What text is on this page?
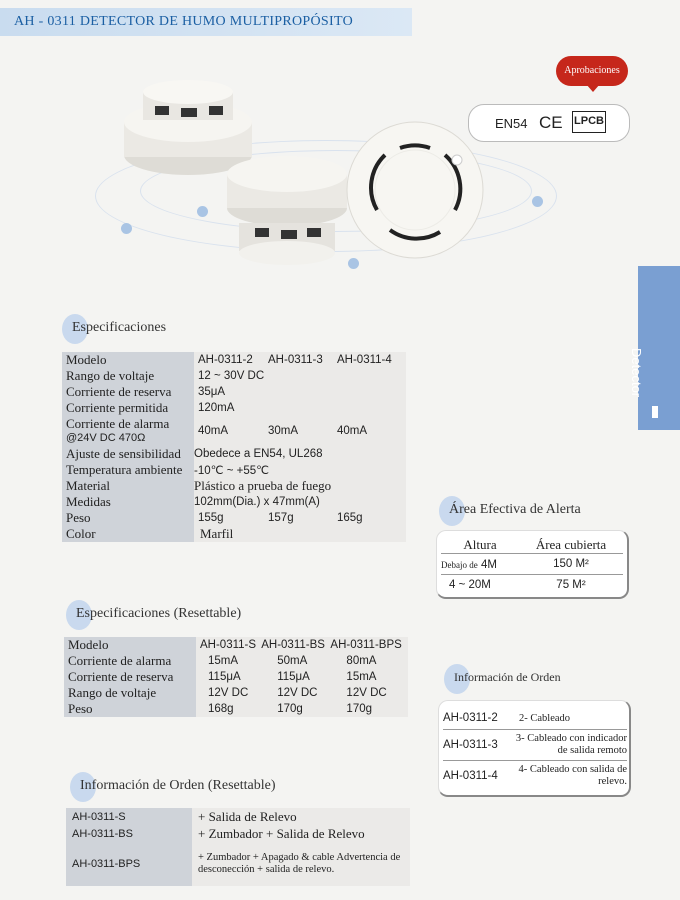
AH - 0311 DETECTOR DE HUMO MULTIPROPÓSITO
Aprobaciones
EN54 CE LPCB
Detector
Especificaciones
Modelo	AH-0311-2	AH-0311-3	AH-0311-4
Rango de voltaje	12 ~ 30V DC		
Corriente de reserva	35μA		
Corriente permitida	120mA		
Corriente de alarma
@24V DC 470Ω	40mA	30mA	40mA
Ajuste de sensibilidad	Obedece a EN54, UL268		
Temperatura ambiente	-10℃ ~ +55℃		
Material	Plástico a prueba de fuego		
Medidas	102mm(Dia.) x 47mm(A)		
Peso	155g	157g	165g
Color	Marfil		
Especificaciones (Resettable)
Modelo	AH-0311-S	AH-0311-BS	AH-0311-BPS
Corriente de alarma	15mA	50mA	80mA
Corriente de reserva	115μA	115μA	15mA
Rango de voltaje	12V DC	12V DC	12V DC
Peso	168g	170g	170g
Información de Orden (Resettable)
AH-0311-S	+ Salida de Relevo
AH-0311-BS	+ Zumbador + Salida de Relevo
AH-0311-BPS	+ Zumbador + Apagado & cable Advertencia de desconección + salida de relevo.
Área Efectiva de Alerta
Altura	Área cubierta
Debajo de 4M	150 M²
4 ~ 20M	75 M²
Información de Orden
AH-0311-2	2- Cableado
AH-0311-3	3- Cableado con indicador de salida remoto
AH-0311-4	4- Cableado con salida de relevo.
